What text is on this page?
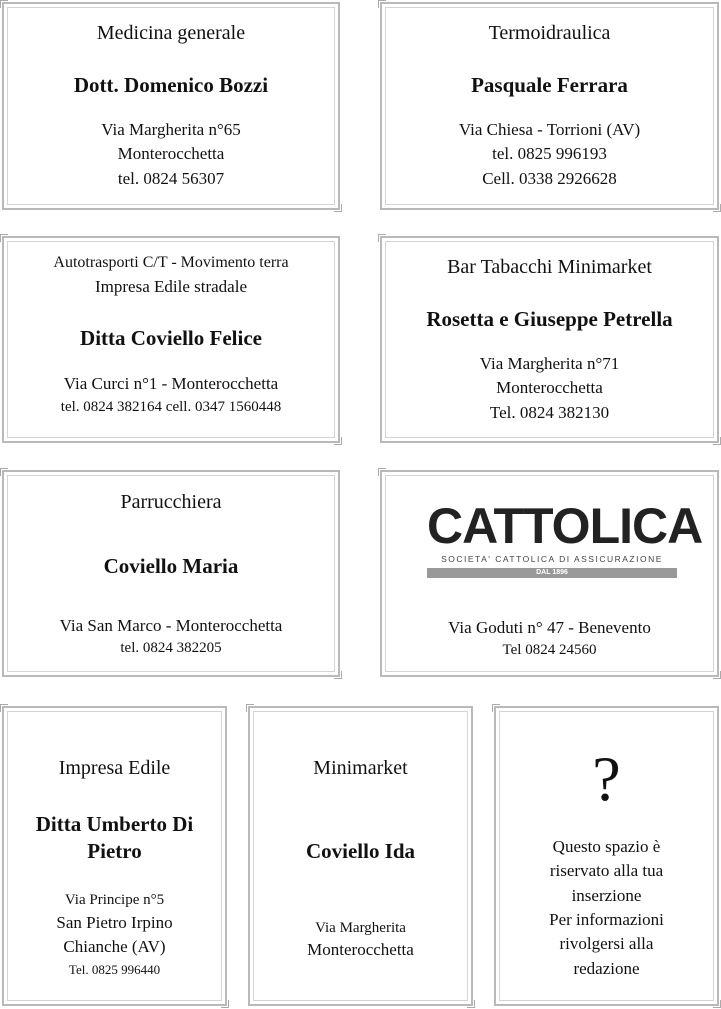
Medicina generale
Dott. Domenico Bozzi
Via Margherita n°65
Monterocchetta
tel. 0824 56307
Termoidraulica
Pasquale Ferrara
Via Chiesa - Torrioni (AV)
tel. 0825 996193
Cell. 0338 2926628
Autotrasporti C/T - Movimento terra
Impresa Edile stradale
Ditta Coviello Felice
Via Curci n°1 - Monterocchetta
tel. 0824 382164 cell. 0347 1560448
Bar Tabacchi Minimarket
Rosetta e Giuseppe Petrella
Via Margherita n°71
Monterocchetta
Tel. 0824 382130
Parrucchiera
Coviello Maria
Via San Marco - Monterocchetta
tel. 0824 382205
CATTOLICA
SOCIETA' CATTOLICA DI ASSICURAZIONE
DAL 1896
Via Goduti n° 47 - Benevento
Tel 0824 24560
Impresa Edile
Ditta Umberto Di
Pietro
Via Principe n°5
San Pietro Irpino
Chianche (AV)
Tel. 0825 996440
Minimarket
Coviello Ida
Via Margherita
Monterocchetta
?
Questo spazio è
riservato alla tua
inserzione
Per informazioni
rivolgersi alla
redazione
